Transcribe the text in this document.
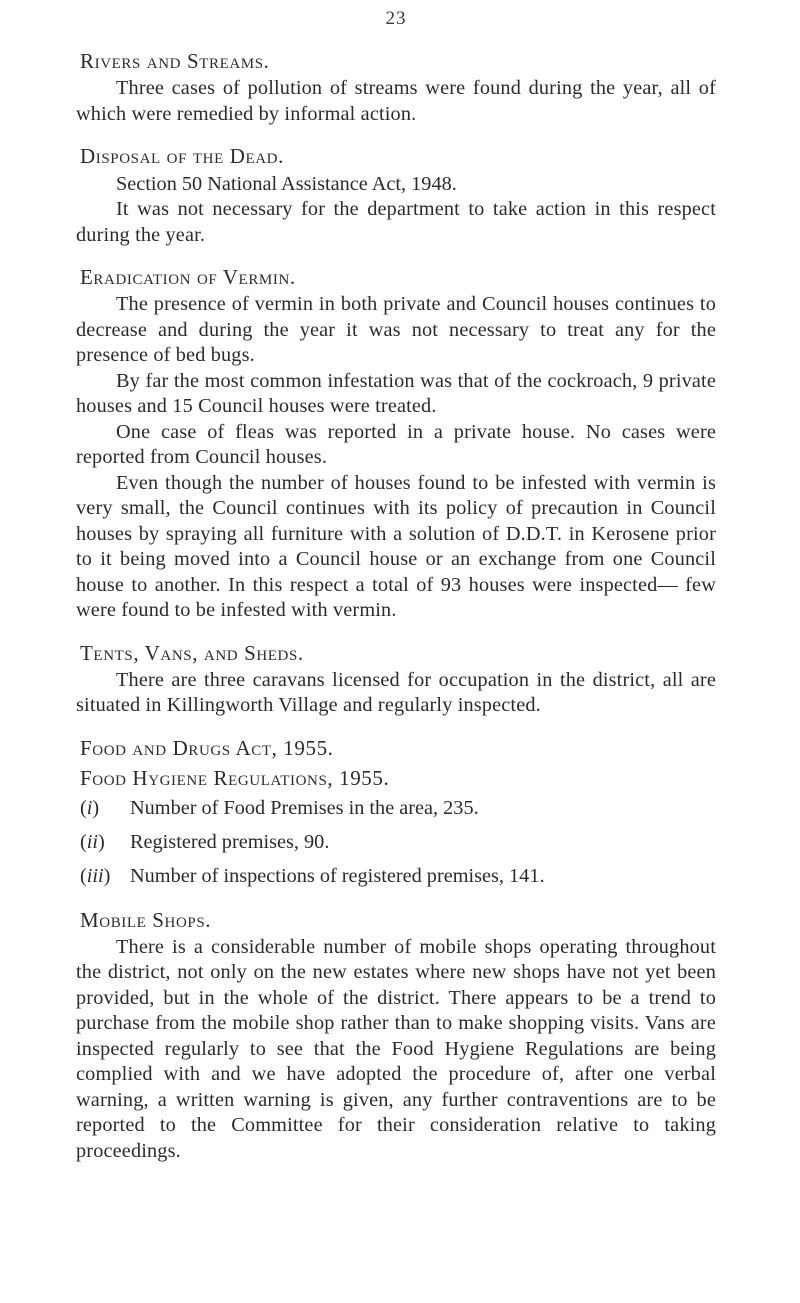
23
Rivers and Streams.

Three cases of pollution of streams were found during the year, all of which were remedied by informal action.

Disposal of the Dead.

Section 50 National Assistance Act, 1948.

It was not necessary for the department to take action in this respect during the year.

Eradication of Vermin.

The presence of vermin in both private and Council houses continues to decrease and during the year it was not necessary to treat any for the presence of bed bugs.

By far the most common infestation was that of the cockroach, 9 private houses and 15 Council houses were treated.

One case of fleas was reported in a private house. No cases were reported from Council houses.

Even though the number of houses found to be infested with vermin is very small, the Council continues with its policy of precaution in Council houses by spraying all furniture with a solution of D.D.T. in Kerosene prior to it being moved into a Council house or an exchange from one Council house to another. In this respect a total of 93 houses were inspected— few were found to be infested with vermin.

Tents, Vans, and Sheds.

There are three caravans licensed for occupation in the district, all are situated in Killingworth Village and regularly inspected.

Food and Drugs Act, 1955.
Food Hygiene Regulations, 1955.
(i)	Number of Food Premises in the area, 235.
(ii)	Registered premises, 90.
(iii) Number of inspections of registered premises, 141.
Mobile Shops.

There is a considerable number of mobile shops operating throughout the district, not only on the new estates where new shops have not yet been provided, but in the whole of the district. There appears to be a trend to purchase from the mobile shop rather than to make shopping visits. Vans are inspected regularly to see that the Food Hygiene Regulations are being complied with and we have adopted the procedure of, after one verbal warning, a written warning is given, any further contraventions are to be reported to the Committee for their consideration relative to taking proceedings.
